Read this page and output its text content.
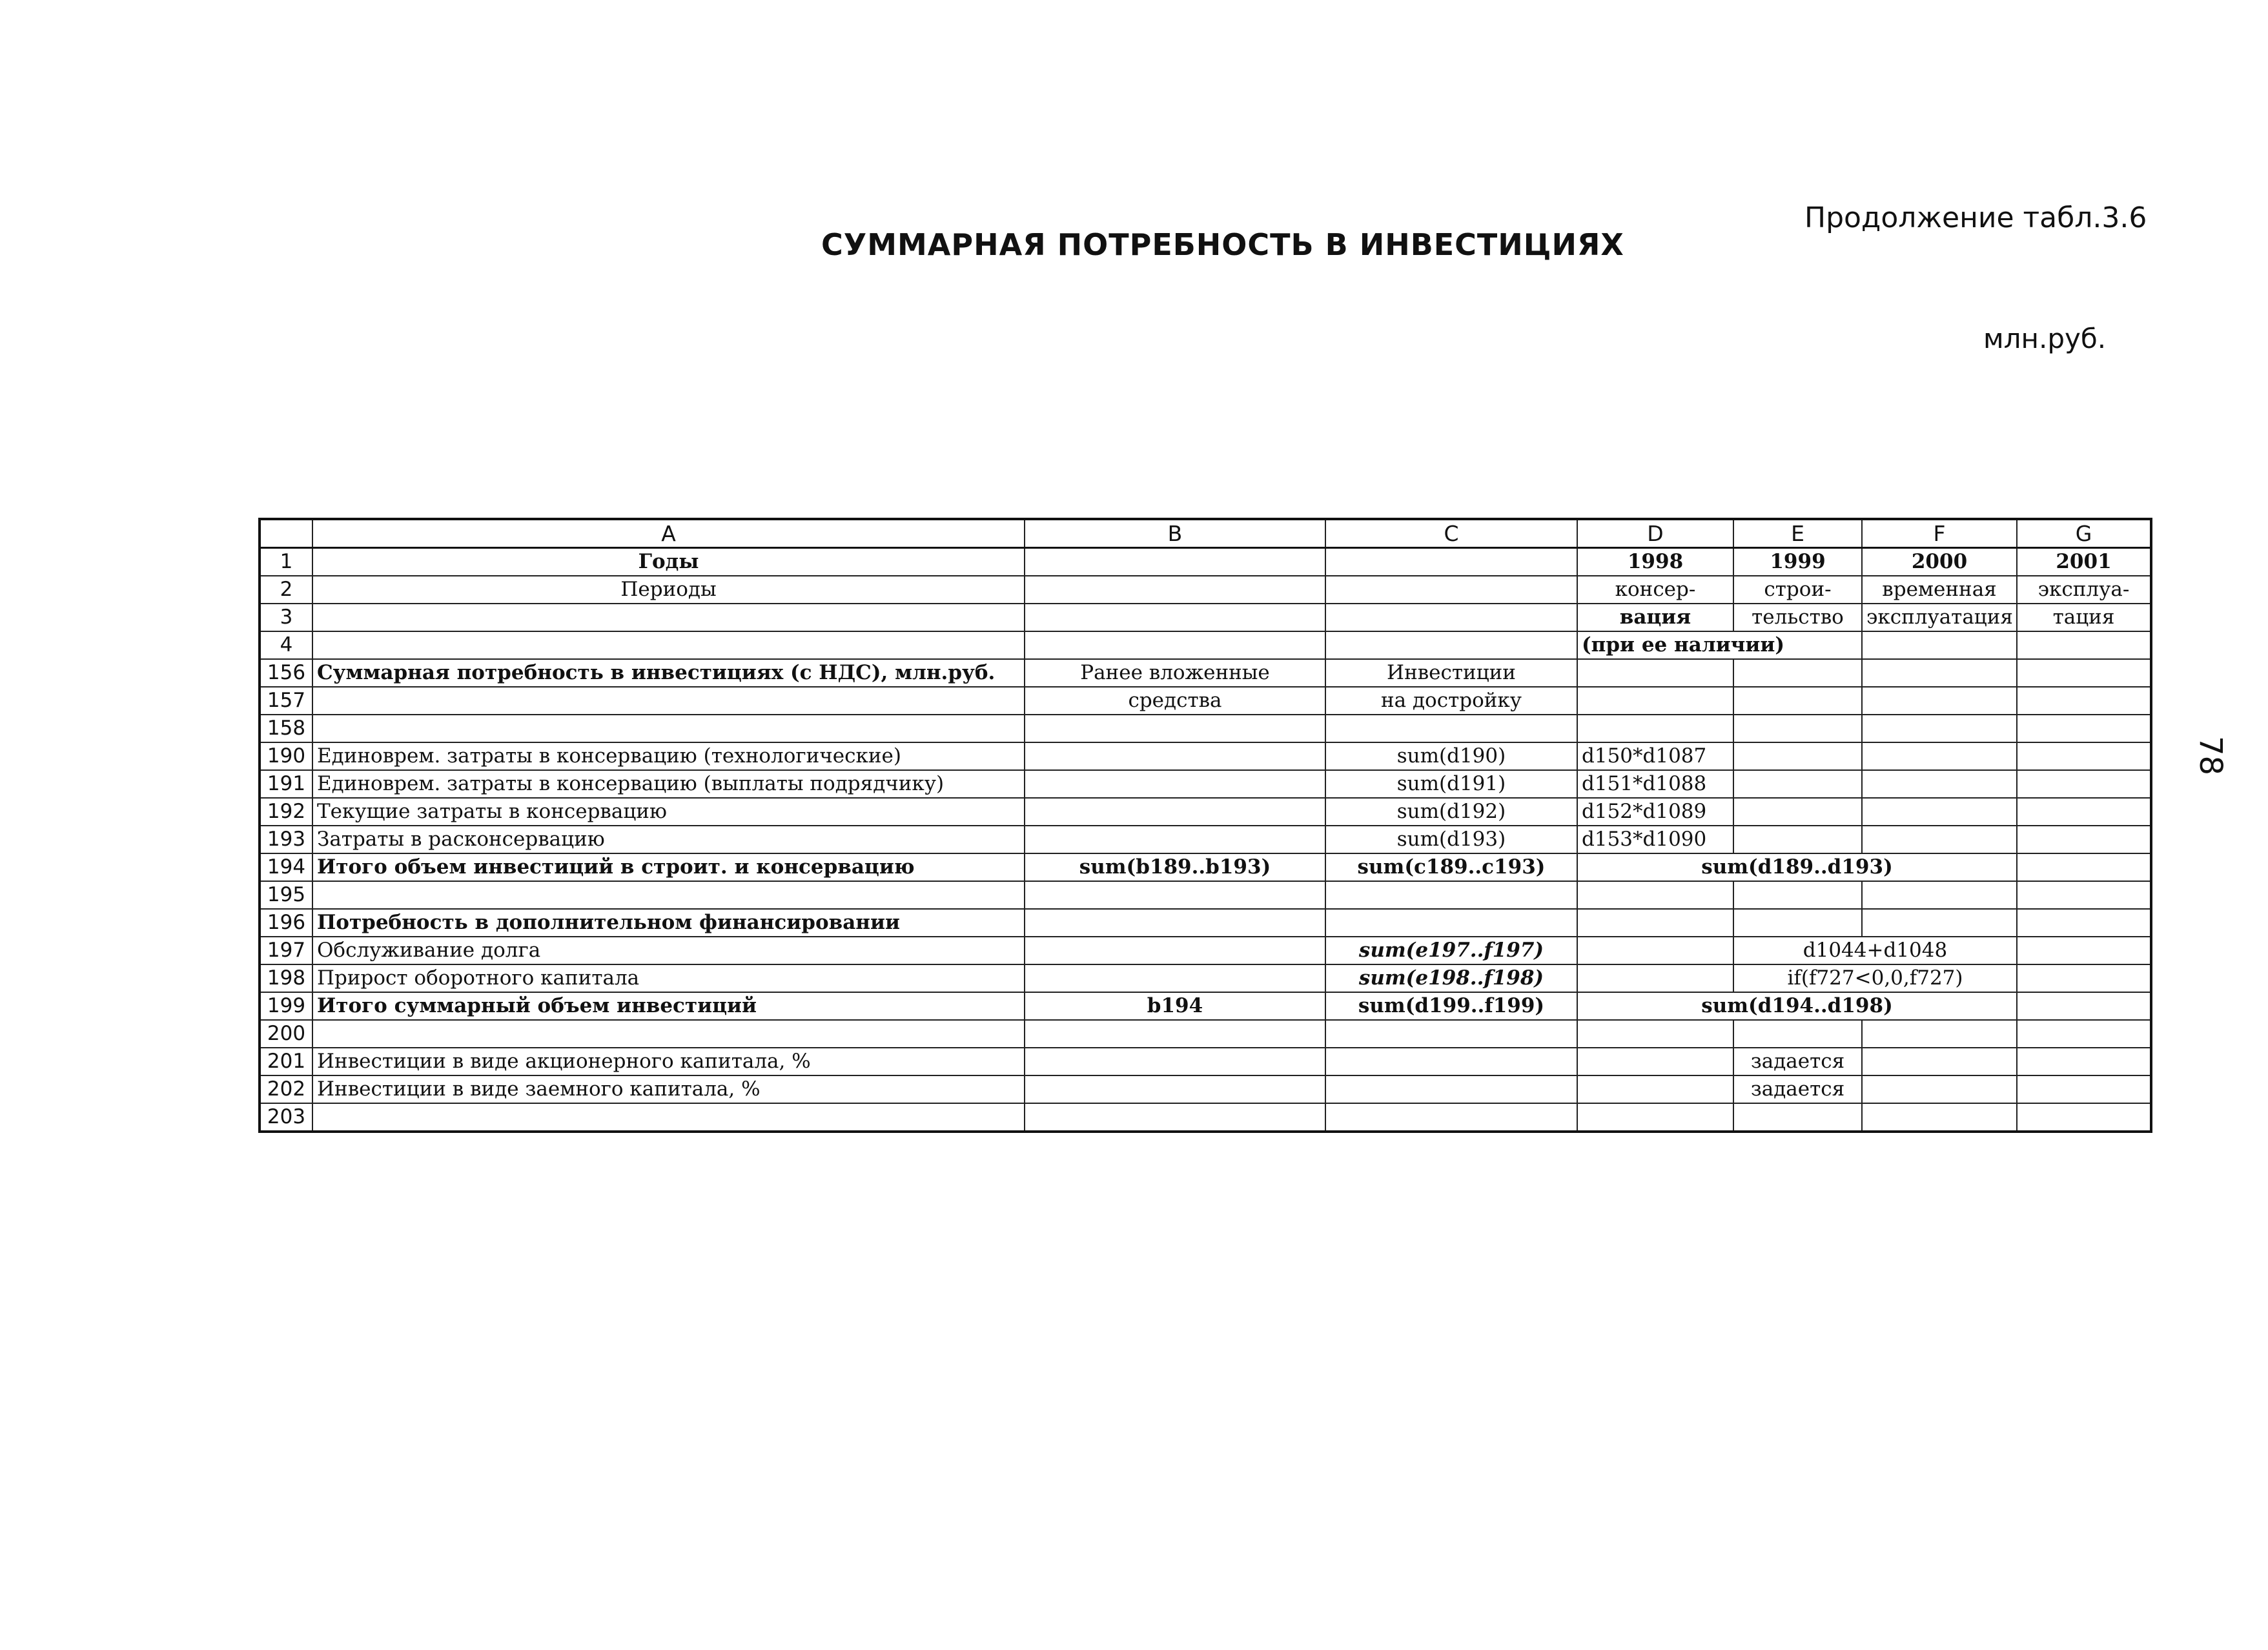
Продолжение табл.3.6
СУММАРНАЯ ПОТРЕБНОСТЬ В ИНВЕСТИЦИЯХ
млн.руб.
78
	A	B	C	D	E	F	G
1	Годы			1998	1999	2000	2001
2	Периоды			консер-	строи-	временная	эксплуа-
3				вация	тельство	эксплуатация	тация
4				(при ее наличии)			
156	Суммарная потребность в инвестициях (с НДС), млн.руб.	Ранее вложенные	Инвестиции				
157		средства	на достройку				
158							
190	Единоврем. затраты в консервацию (технологические)		sum(d190)	d150*d1087			
191	Единоврем. затраты в консервацию (выплаты подрядчику)		sum(d191)	d151*d1088			
192	Текущие затраты в консервацию		sum(d192)	d152*d1089			
193	Затраты в расконсервацию		sum(d193)	d153*d1090			
194	Итого объем инвестиций в строит. и консервацию	sum(b189..b193)	sum(c189..c193)	sum(d189..d193)			
195							
196	Потребность в дополнительном финансировании						
197	Обслуживание долга		sum(e197..f197)		d1044+d1048		
198	Прирост оборотного капитала		sum(e198..f198)		if(f727<0,0,f727)		
199	Итого суммарный объем инвестиций	b194	sum(d199..f199)	sum(d194..d198)			
200							
201	Инвестиции в виде акционерного капитала, %				задается		
202	Инвестиции в виде заемного капитала, %				задается		
203							
